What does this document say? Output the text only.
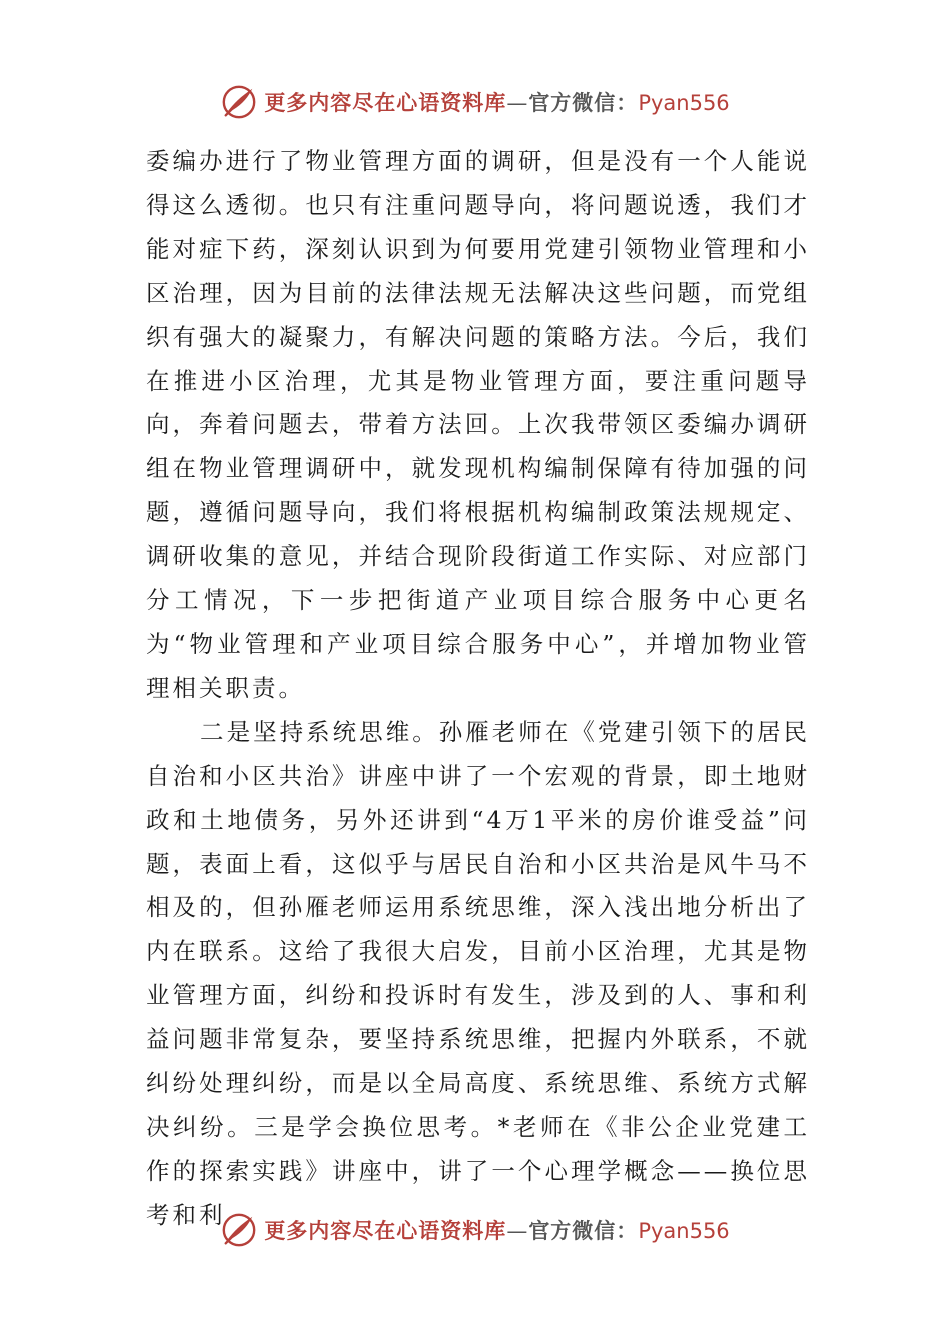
更多内容尽在心语资料库—官方微信：Pyan556

委编办进行了物业管理方面的调研，但是没有一个人能说得这么透彻。也只有注重问题导向，将问题说透，我们才能对症下药，深刻认识到为何要用党建引领物业管理和小区治理，因为目前的法律法规无法解决这些问题，而党组织有强大的凝聚力，有解决问题的策略方法。今后，我们在推进小区治理，尤其是物业管理方面，要注重问题导向，奔着问题去，带着方法回。上次我带领区委编办调研组在物业管理调研中，就发现机构编制保障有待加强的问题，遵循问题导向，我们将根据机构编制政策法规规定、调研收集的意见，并结合现阶段街道工作实际、对应部门分工情况，下一步把街道产业项目综合服务中心更名为“物业管理和产业项目综合服务中心”，并增加物业管理相关职责。

二是坚持系统思维。孙雁老师在《党建引领下的居民自治和小区共治》讲座中讲了一个宏观的背景，即土地财政和土地债务，另外还讲到“4万1平米的房价谁受益”问题，表面上看，这似乎与居民自治和小区共治是风牛马不相及的，但孙雁老师运用系统思维，深入浅出地分析出了内在联系。这给了我很大启发，目前小区治理，尤其是物业管理方面，纠纷和投诉时有发生，涉及到的人、事和利益问题非常复杂，要坚持系统思维，把握内外联系，不就纠纷处理纠纷，而是以全局高度、系统思维、系统方式解决纠纷。三是学会换位思考。*老师在《非公企业党建工作的探索实践》讲座中，讲了一个心理学概念——换位思考和利

更多内容尽在心语资料库—官方微信：Pyan556
